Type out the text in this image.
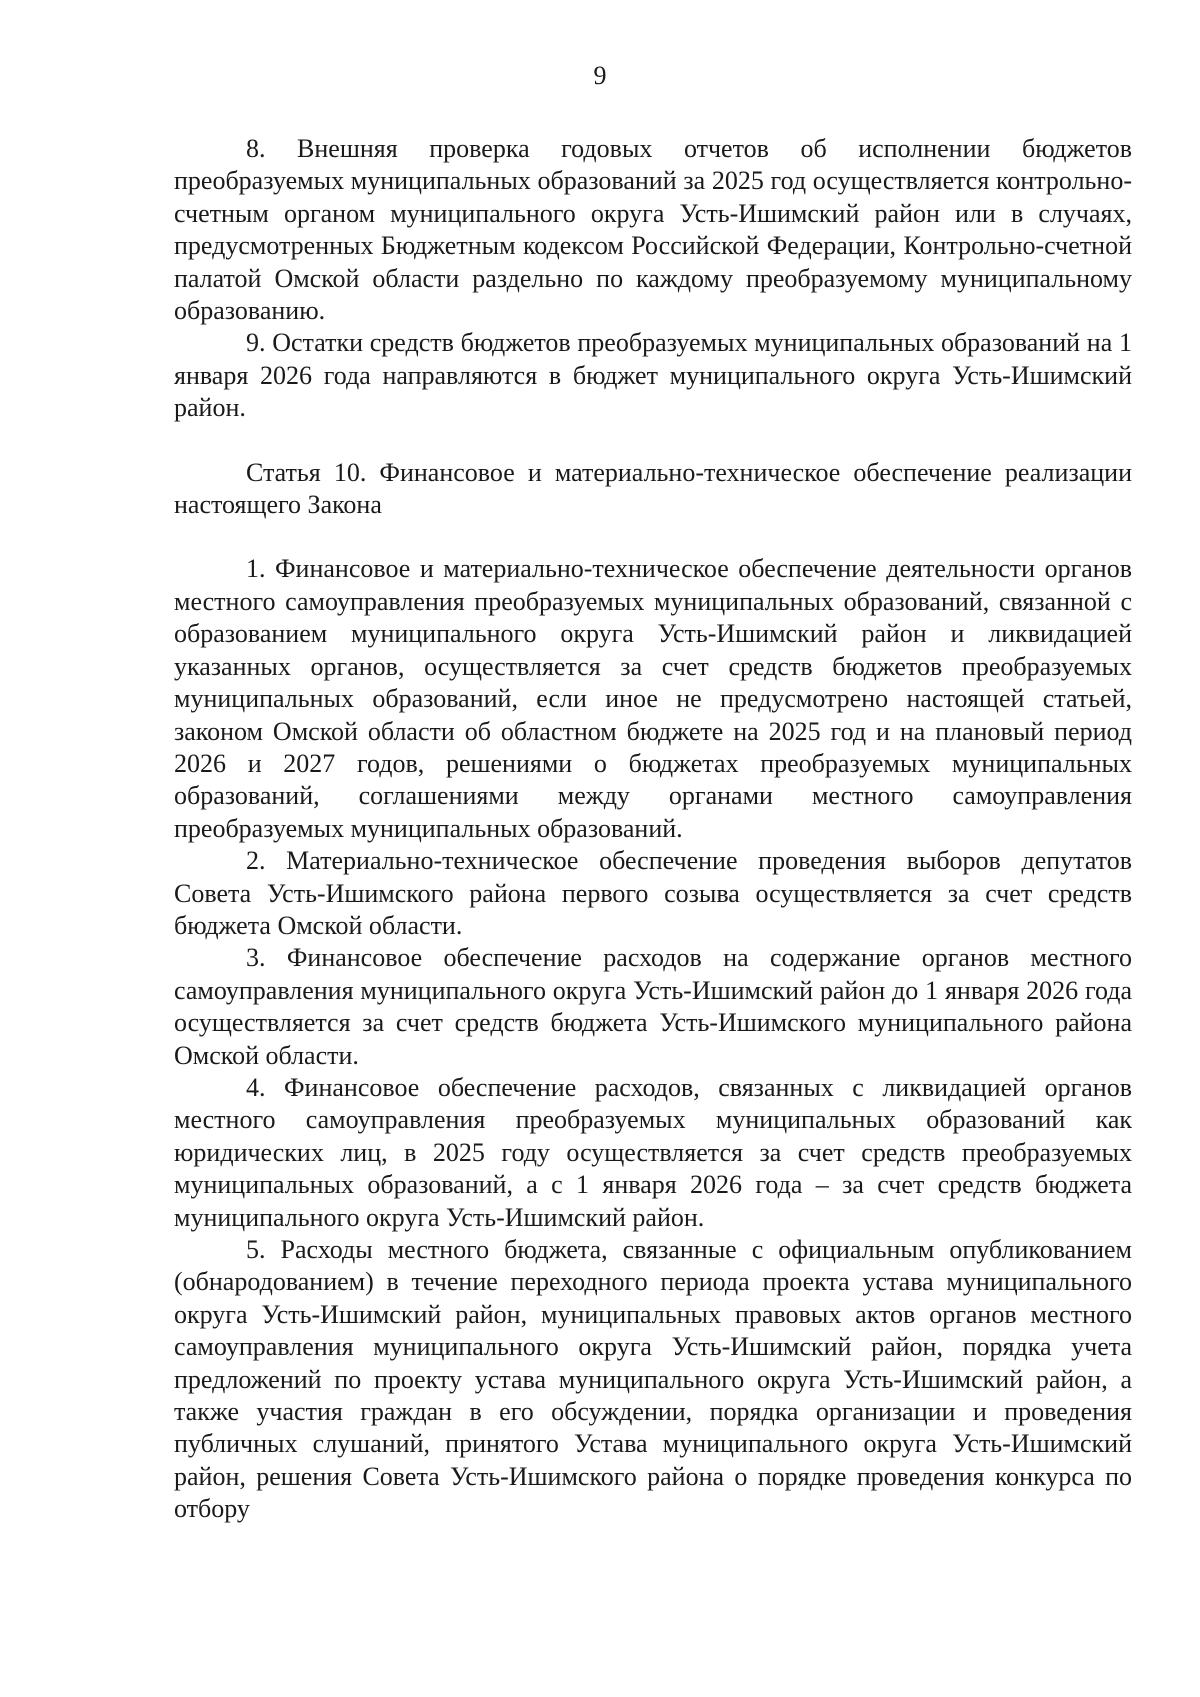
9

8. Внешняя проверка годовых отчетов об исполнении бюджетов преобразуемых муниципальных образований за 2025 год осуществляется контрольно-счетным органом муниципального округа Усть-Ишимский район или в случаях, предусмотренных Бюджетным кодексом Российской Федерации, Контрольно-счетной палатой Омской области раздельно по каждому преобразуемому муниципальному образованию.

9. Остатки средств бюджетов преобразуемых муниципальных образований на 1 января 2026 года направляются в бюджет муниципального округа Усть-Ишимский район.

Статья 10. Финансовое и материально-техническое обеспечение реализации настоящего Закона

1. Финансовое и материально-техническое обеспечение деятельности органов местного самоуправления преобразуемых муниципальных образований, связанной с образованием муниципального округа Усть-Ишимский район и ликвидацией указанных органов, осуществляется за счет средств бюджетов преобразуемых муниципальных образований, если иное не предусмотрено настоящей статьей, законом Омской области об областном бюджете на 2025 год и на плановый период 2026 и 2027 годов, решениями о бюджетах преобразуемых муниципальных образований, соглашениями между органами местного самоуправления преобразуемых муниципальных образований.

2. Материально-техническое обеспечение проведения выборов депутатов Совета Усть-Ишимского района первого созыва осуществляется за счет средств бюджета Омской области.

3. Финансовое обеспечение расходов на содержание органов местного самоуправления муниципального округа Усть-Ишимский район до 1 января 2026 года осуществляется за счет средств бюджета Усть-Ишимского муниципального района Омской области.

4. Финансовое обеспечение расходов, связанных с ликвидацией органов местного самоуправления преобразуемых муниципальных образований как юридических лиц, в 2025 году осуществляется за счет средств преобразуемых муниципальных образований, а с 1 января 2026 года – за счет средств бюджета муниципального округа Усть-Ишимский район.

5. Расходы местного бюджета, связанные с официальным опубликованием (обнародованием) в течение переходного периода проекта устава муниципального округа Усть-Ишимский район, муниципальных правовых актов органов местного самоуправления муниципального округа Усть-Ишимский район, порядка учета предложений по проекту устава муниципального округа Усть-Ишимский район, а также участия граждан в его обсуждении, порядка организации и проведения публичных слушаний, принятого Устава муниципального округа Усть-Ишимский район, решения Совета Усть-Ишимского района о порядке проведения конкурса по отбору
